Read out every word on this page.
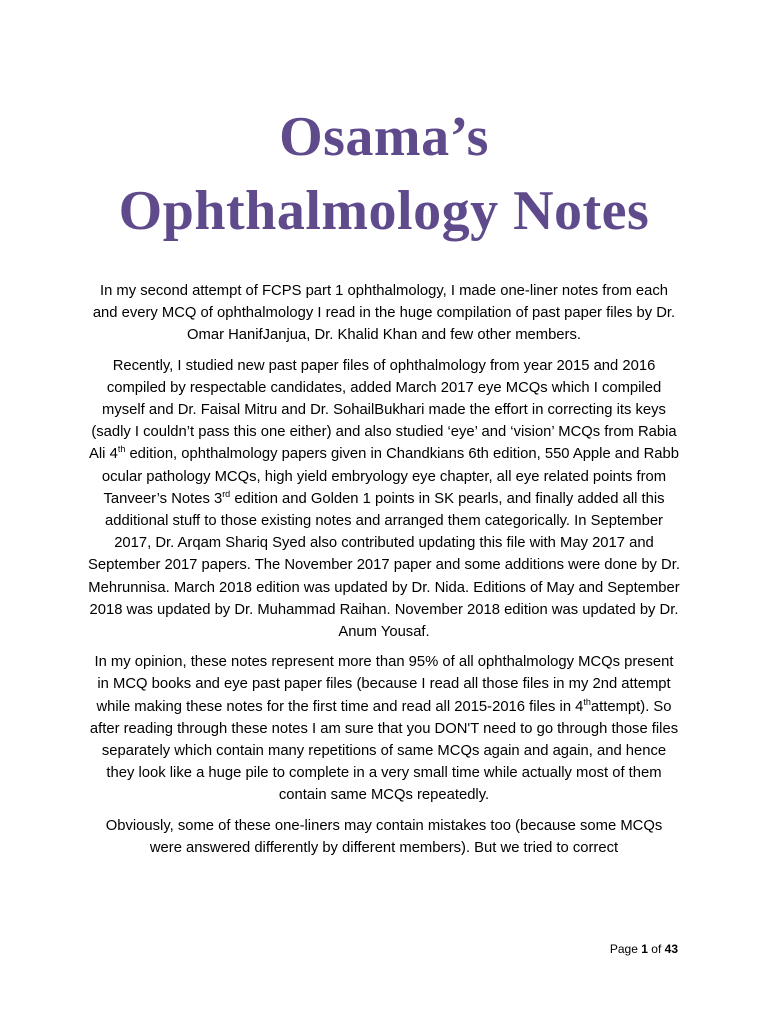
Osama’s
Ophthalmology Notes

In my second attempt of FCPS part 1 ophthalmology, I made one-liner notes from each and every MCQ of ophthalmology I read in the huge compilation of past paper files by Dr. Omar HanifJanjua, Dr. Khalid Khan and few other members.

Recently, I studied new past paper files of ophthalmology from year 2015 and 2016 compiled by respectable candidates, added March 2017 eye MCQs which I compiled myself and Dr. Faisal Mitru and Dr. SohailBukhari made the effort in correcting its keys (sadly I couldn’t pass this one either) and also studied ‘eye’ and ‘vision’ MCQs from Rabia Ali 4th edition, ophthalmology papers given in Chandkians 6th edition, 550 Apple and Rabb ocular pathology MCQs, high yield embryology eye chapter, all eye related points from Tanveer’s Notes 3rd edition and Golden 1 points in SK pearls, and finally added all this additional stuff to those existing notes and arranged them categorically. In September 2017, Dr. Arqam Shariq Syed also contributed updating this file with May 2017 and September 2017 papers. The November 2017 paper and some additions were done by Dr. Mehrunnisa. March 2018 edition was updated by Dr. Nida. Editions of May and September 2018 was updated by Dr. Muhammad Raihan. November 2018 edition was updated by Dr. Anum Yousaf.

In my opinion, these notes represent more than 95% of all ophthalmology MCQs present in MCQ books and eye past paper files (because I read all those files in my 2nd attempt while making these notes for the first time and read all 2015-2016 files in 4thattempt). So after reading through these notes I am sure that you DON'T need to go through those files separately which contain many repetitions of same MCQs again and again, and hence they look like a huge pile to complete in a very small time while actually most of them contain same MCQs repeatedly.

Obviously, some of these one-liners may contain mistakes too (because some MCQs were answered differently by different members). But we tried to correct

Page 1 of 43
